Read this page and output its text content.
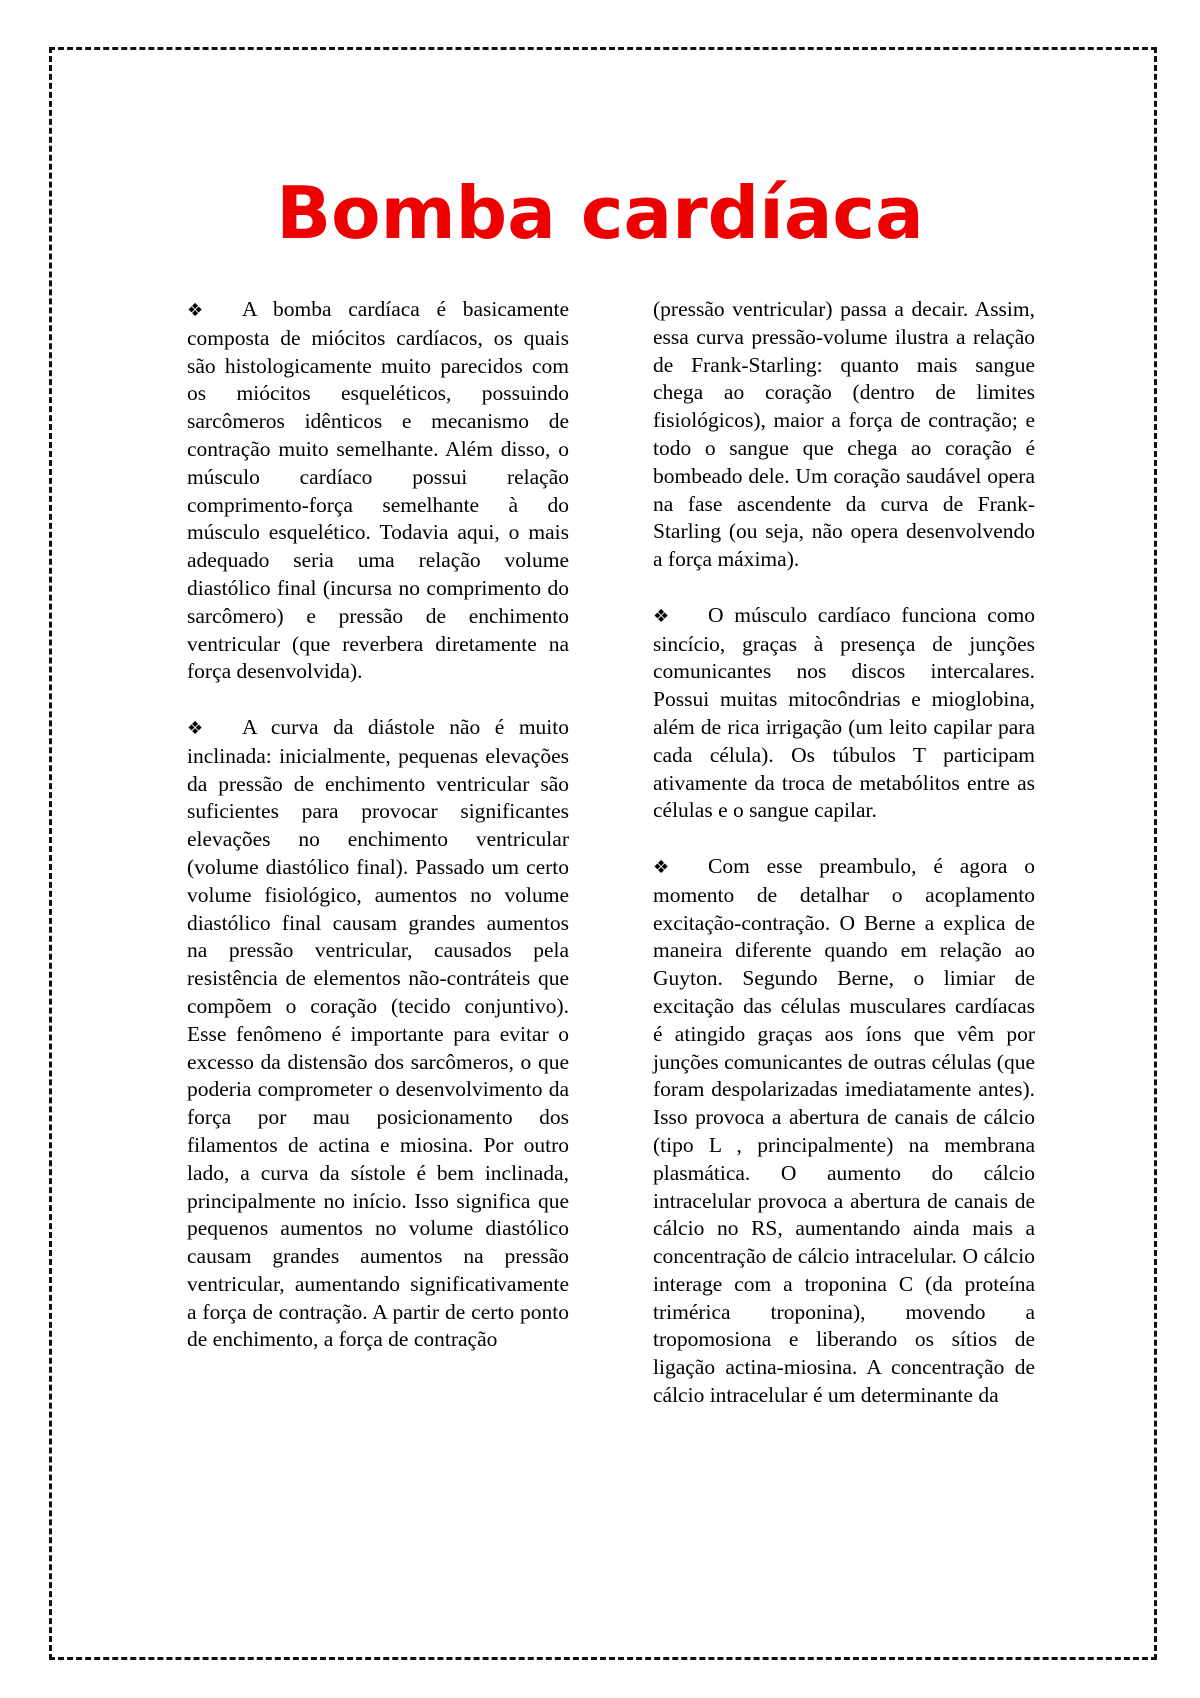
Bomba cardíaca

❖ A bomba cardíaca é basicamente composta de miócitos cardíacos, os quais são histologicamente muito parecidos com os miócitos esqueléticos, possuindo sarcômeros idênticos e mecanismo de contração muito semelhante. Além disso, o músculo cardíaco possui relação comprimento-força semelhante à do músculo esquelético. Todavia aqui, o mais adequado seria uma relação volume diastólico final (incursa no comprimento do sarcômero) e pressão de enchimento ventricular (que reverbera diretamente na força desenvolvida).

❖ A curva da diástole não é muito inclinada: inicialmente, pequenas elevações da pressão de enchimento ventricular são suficientes para provocar significantes elevações no enchimento ventricular (volume diastólico final). Passado um certo volume fisiológico, aumentos no volume diastólico final causam grandes aumentos na pressão ventricular, causados pela resistência de elementos não-contráteis que compõem o coração (tecido conjuntivo). Esse fenômeno é importante para evitar o excesso da distensão dos sarcômeros, o que poderia comprometer o desenvolvimento da força por mau posicionamento dos filamentos de actina e miosina. Por outro lado, a curva da sístole é bem inclinada, principalmente no início. Isso significa que pequenos aumentos no volume diastólico causam grandes aumentos na pressão ventricular, aumentando significativamente a força de contração. A partir de certo ponto de enchimento, a força de contração

(pressão ventricular) passa a decair. Assim, essa curva pressão-volume ilustra a relação de Frank-Starling: quanto mais sangue chega ao coração (dentro de limites fisiológicos), maior a força de contração; e todo o sangue que chega ao coração é bombeado dele. Um coração saudável opera na fase ascendente da curva de Frank-Starling (ou seja, não opera desenvolvendo a força máxima).

❖ O músculo cardíaco funciona como sincício, graças à presença de junções comunicantes nos discos intercalares. Possui muitas mitocôndrias e mioglobina, além de rica irrigação (um leito capilar para cada célula). Os túbulos T participam ativamente da troca de metabólitos entre as células e o sangue capilar.

❖ Com esse preambulo, é agora o momento de detalhar o acoplamento excitação-contração. O Berne a explica de maneira diferente quando em relação ao Guyton. Segundo Berne, o limiar de excitação das células musculares cardíacas é atingido graças aos íons que vêm por junções comunicantes de outras células (que foram despolarizadas imediatamente antes). Isso provoca a abertura de canais de cálcio (tipo L , principalmente) na membrana plasmática. O aumento do cálcio intracelular provoca a abertura de canais de cálcio no RS, aumentando ainda mais a concentração de cálcio intracelular. O cálcio interage com a troponina C (da proteína trimérica troponina), movendo a tropomosiona e liberando os sítios de ligação actina-miosina. A concentração de cálcio intracelular é um determinante da
